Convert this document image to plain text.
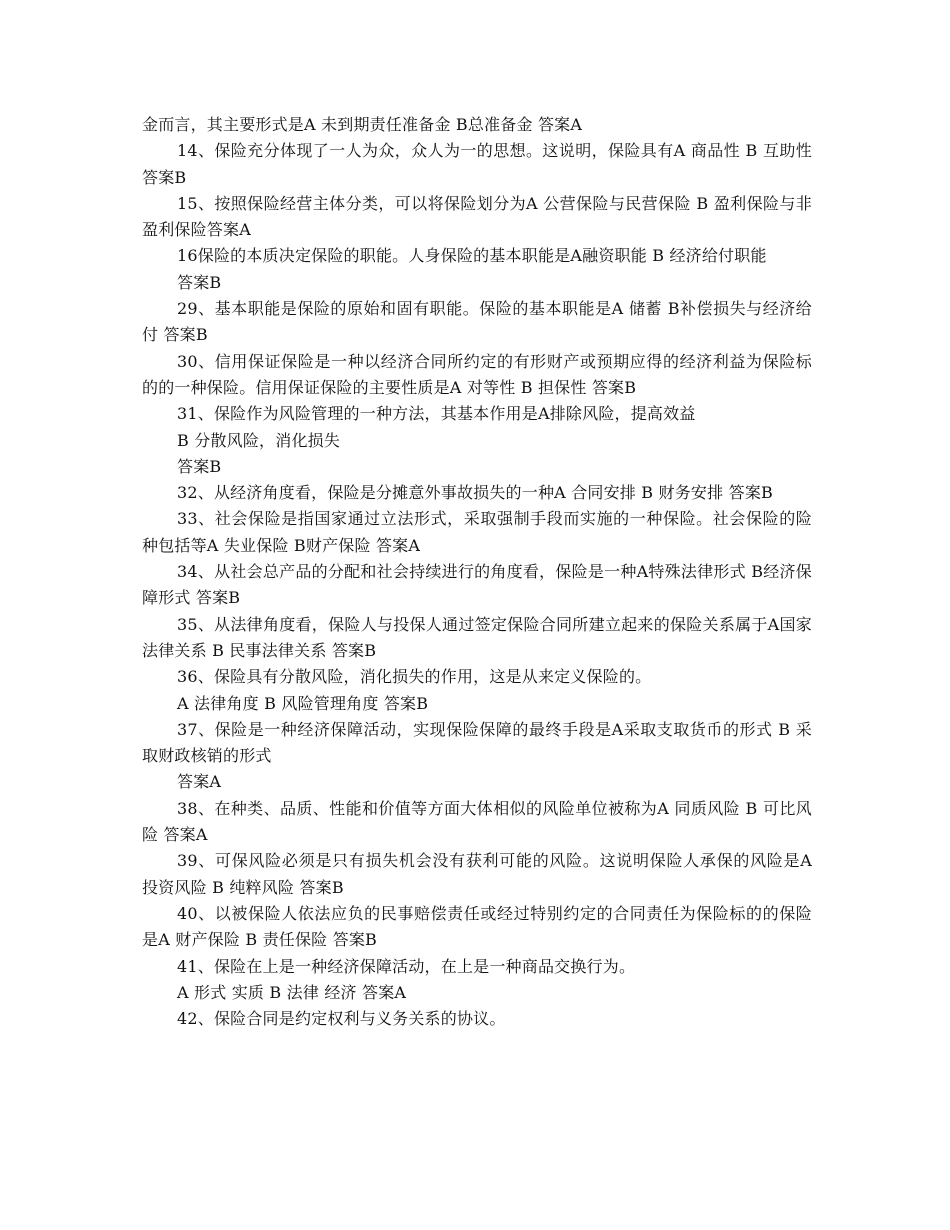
金而言，其主要形式是A 未到期责任准备金 B总准备金 答案A

14、保险充分体现了一人为众，众人为一的思想。这说明，保险具有A 商品性 B 互助性 答案B

15、按照保险经营主体分类，可以将保险划分为A 公营保险与民营保险 B 盈利保险与非盈利保险答案A

16保险的本质决定保险的职能。人身保险的基本职能是A融资职能 B 经济给付职能

答案B

29、基本职能是保险的原始和固有职能。保险的基本职能是A 储蓄 B补偿损失与经济给付 答案B

30、信用保证保险是一种以经济合同所约定的有形财产或预期应得的经济利益为保险标的的一种保险。信用保证保险的主要性质是A 对等性 B 担保性 答案B

31、保险作为风险管理的一种方法，其基本作用是A排除风险，提高效益

B 分散风险，消化损失

答案B

32、从经济角度看，保险是分摊意外事故损失的一种A 合同安排 B 财务安排 答案B

33、社会保险是指国家通过立法形式，采取强制手段而实施的一种保险。社会保险的险种包括等A 失业保险 B财产保险 答案A

34、从社会总产品的分配和社会持续进行的角度看，保险是一种A特殊法律形式 B经济保障形式 答案B

35、从法律角度看，保险人与投保人通过签定保险合同所建立起来的保险关系属于A国家法律关系 B 民事法律关系 答案B

36、保险具有分散风险，消化损失的作用，这是从来定义保险的。

A 法律角度 B 风险管理角度 答案B

37、保险是一种经济保障活动，实现保险保障的最终手段是A采取支取货币的形式 B 采取财政核销的形式

答案A

38、在种类、品质、性能和价值等方面大体相似的风险单位被称为A 同质风险 B 可比风险 答案A

39、可保风险必须是只有损失机会没有获利可能的风险。这说明保险人承保的风险是A 投资风险 B 纯粹风险 答案B

40、以被保险人依法应负的民事赔偿责任或经过特别约定的合同责任为保险标的的保险是A 财产保险 B 责任保险 答案B

41、保险在上是一种经济保障活动，在上是一种商品交换行为。

A 形式 实质 B 法律 经济 答案A

42、保险合同是约定权利与义务关系的协议。
